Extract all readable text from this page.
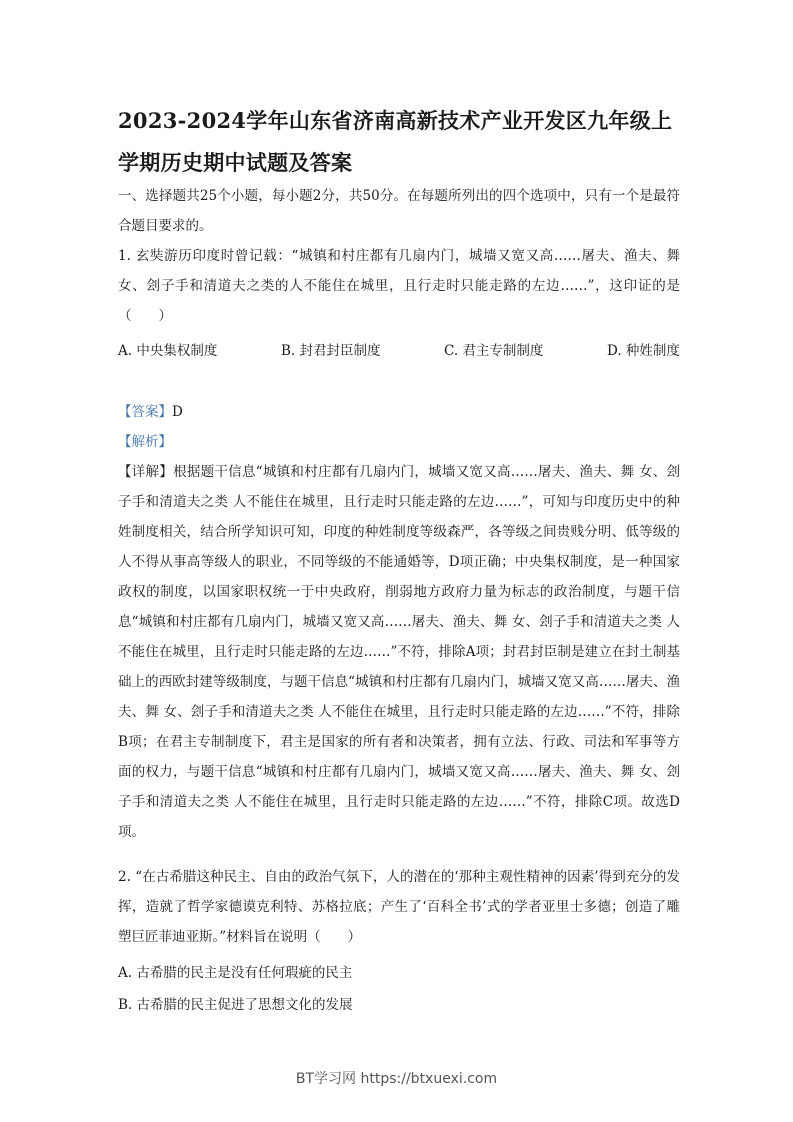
2023-2024学年山东省济南高新技术产业开发区九年级上学期历史期中试题及答案
一、选择题共25个小题，每小题2分，共50分。在每题所列出的四个选项中，只有一个是最符合题目要求的。
1. 玄奘游历印度时曾记载：“城镇和村庄都有几扇内门，城墙又宽又高……屠夫、渔夫、舞女、刽子手和清道夫之类的人不能住在城里，且行走时只能走路的左边……”，这印证的是（　　）
A. 中央集权制度	B. 封君封臣制度	C. 君主专制制度	D. 种姓制度
【答案】D
【解析】
【详解】根据题干信息“城镇和村庄都有几扇内门，城墙又宽又高……屠夫、渔夫、舞 女、刽子手和清道夫之类 人不能住在城里，且行走时只能走路的左边……”，可知与印度历史中的种姓制度相关，结合所学知识可知，印度的种姓制度等级森严，各等级之间贵贱分明、低等级的人不得从事高等级人的职业，不同等级的不能通婚等，D项正确；中央集权制度，是一种国家政权的制度，以国家职权统一于中央政府，削弱地方政府力量为标志的政治制度，与题干信息“城镇和村庄都有几扇内门，城墙又宽又高……屠夫、渔夫、舞 女、刽子手和清道夫之类 人不能住在城里，且行走时只能走路的左边……”不符，排除A项；封君封臣制是建立在封土制基础上的西欧封建等级制度，与题干信息“城镇和村庄都有几扇内门，城墙又宽又高……屠夫、渔夫、舞 女、刽子手和清道夫之类 人不能住在城里，且行走时只能走路的左边……”不符，排除B项；在君主专制制度下，君主是国家的所有者和决策者，拥有立法、行政、司法和军事等方面的权力，与题干信息“城镇和村庄都有几扇内门，城墙又宽又高……屠夫、渔夫、舞 女、刽子手和清道夫之类 人不能住在城里，且行走时只能走路的左边……”不符，排除C项。故选D项。
2. “在古希腊这种民主、自由的政治气氛下，人的潜在的‘那种主观性精神的因素’得到充分的发挥，造就了哲学家德谟克利特、苏格拉底；产生了‘百科全书’式的学者亚里士多德；创造了雕塑巨匠菲迪亚斯。”材料旨在说明（　　）
A. 古希腊的民主是没有任何瑕疵的民主
B. 古希腊的民主促进了思想文化的发展
BT学习网 https://btxuexi.com
